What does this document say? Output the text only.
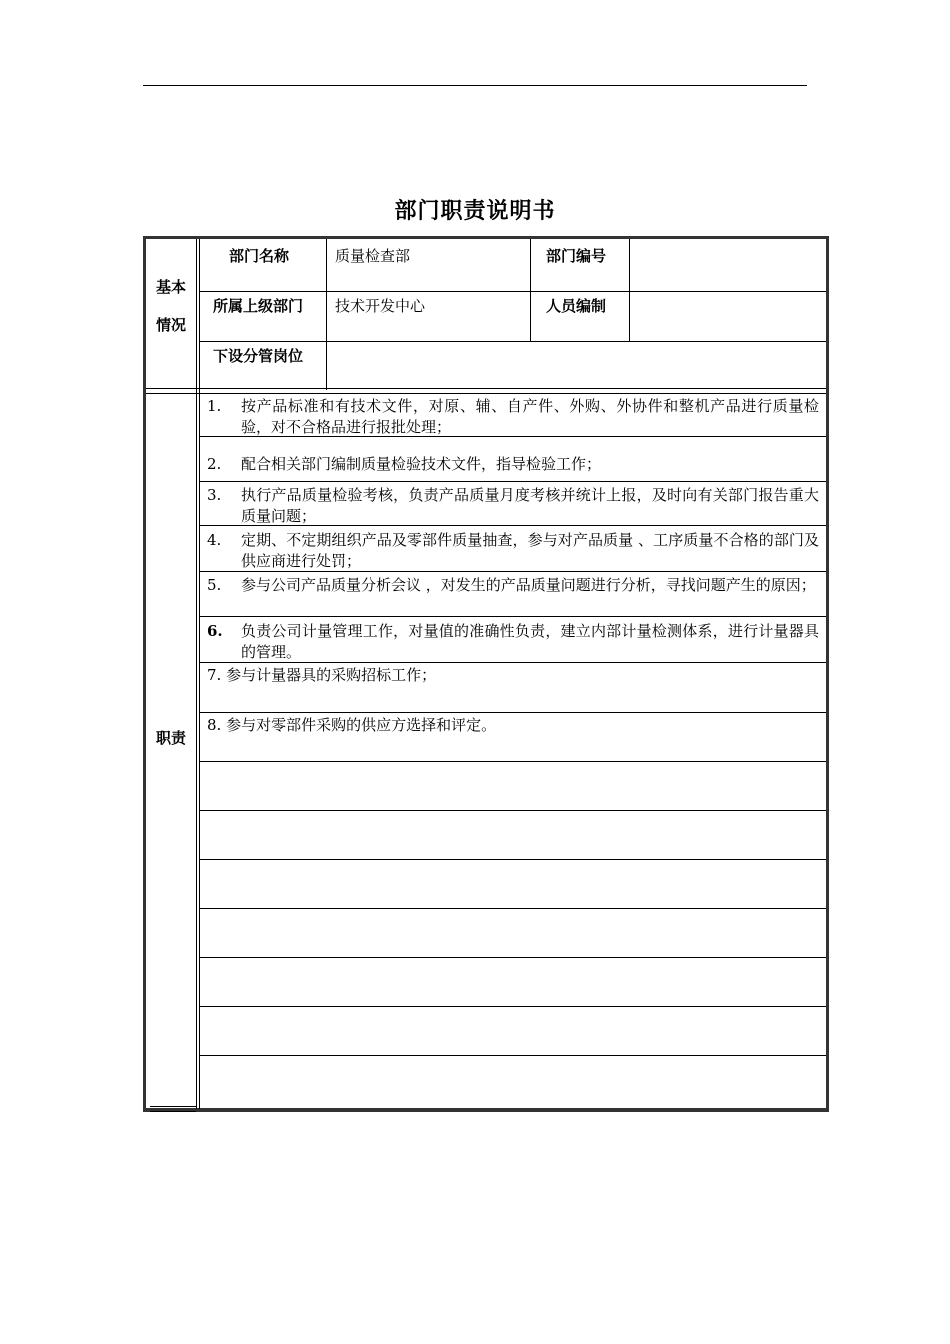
部门职责说明书
基本
情况
部门名称	质量检查部	部门编号
所属上级部门 技术开发中心	人员编制
下设分管岗位
职责
1. 按产品标准和有技术文件，对原、辅、自产件、外购、外协件和整机产品进行质量检验，对不合格品进行报批处理；
2. 配合相关部门编制质量检验技术文件，指导检验工作；
3. 执行产品质量检验考核，负责产品质量月度考核并统计上报，及时向有关部门报告重大质量问题；
4. 定期、不定期组织产品及零部件质量抽查，参与对产品质量 、工序质量不合格的部门及供应商进行处罚；
5. 参与公司产品质量分析会议 ，对发生的产品质量问题进行分析，寻找问题产生的原因；
6. 负责公司计量管理工作，对量值的准确性负责，建立内部计量检测体系，进行计量器具的管理。
7. 参与计量器具的采购招标工作；
8. 参与对零部件采购的供应方选择和评定。
